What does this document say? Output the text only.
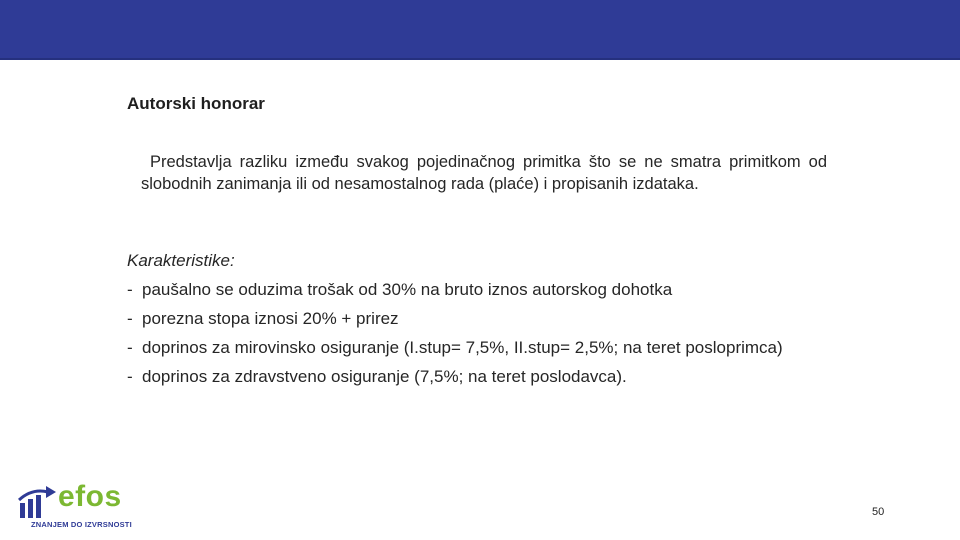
Autorski honorar
Predstavlja razliku između svakog pojedinačnog primitka što se ne smatra primitkom od slobodnih zanimanja ili od nesamostalnog rada (plaće) i propisanih izdataka.
Karakteristike:
- paušalno se oduzima trošak od 30% na bruto iznos autorskog dohotka
- porezna stopa iznosi 20% + prirez
- doprinos za mirovinsko osiguranje (I.stup= 7,5%, II.stup= 2,5%; na teret posloprimca)
- doprinos za zdravstveno osiguranje (7,5%; na teret poslodavca).
efos
ZNANJEM DO IZVRSNOSTI
50
